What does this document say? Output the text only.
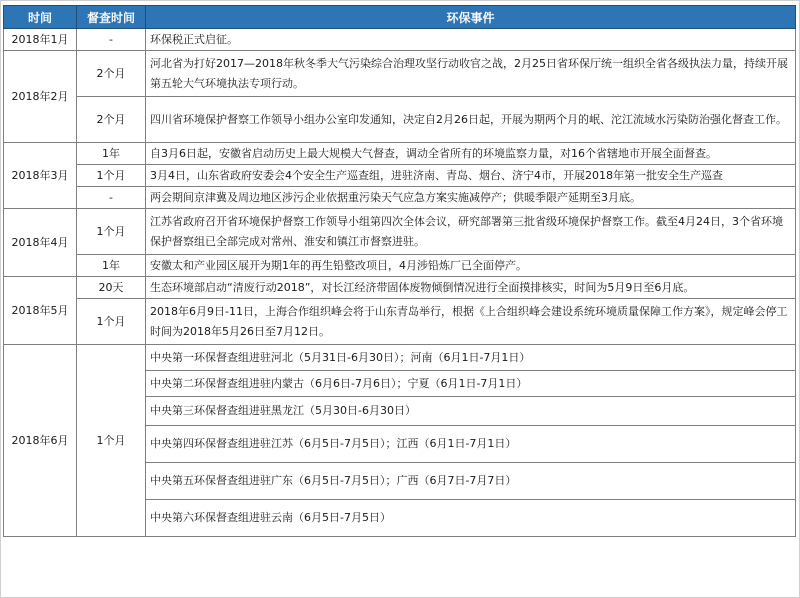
时间	督查时间	环保事件
2018年1月	-	环保税正式启征。
2018年2月	2个月	河北省为打好2017—2018年秋冬季大气污染综合治理攻坚行动收官之战，2月25日省环保厅统一组织全省各级执法力量，持续开展第五轮大气环境执法专项行动。
	2个月	四川省环境保护督察工作领导小组办公室印发通知，决定自2月26日起，开展为期两个月的岷、沱江流域水污染防治强化督查工作。
2018年3月	1年	自3月6日起，安徽省启动历史上最大规模大气督查，调动全省所有的环境监察力量，对16个省辖地市开展全面督查。
	1个月	3月4日，山东省政府安委会4个安全生产巡查组，进驻济南、青岛、烟台、济宁4市，开展2018年第一批安全生产巡查
	-	两会期间京津冀及周边地区涉污企业依据重污染天气应急方案实施减停产；供暖季限产延期至3月底。
2018年4月	1个月	江苏省政府召开省环境保护督察工作领导小组第四次全体会议，研究部署第三批省级环境保护督察工作。截至4月24日，3个省环境保护督察组已全部完成对常州、淮安和镇江市督察进驻。
	1年	安徽太和产业园区展开为期1年的再生铅整改项目，4月涉铅炼厂已全面停产。
2018年5月	20天	生态环境部启动“清废行动2018”，对长江经济带固体废物倾倒情况进行全面摸排核实，时间为5月9日至6月底。
	1个月	2018年6月9日-11日，上海合作组织峰会将于山东青岛举行，根据《上合组织峰会建设系统环境质量保障工作方案》，规定峰会停工时间为2018年5月26日至7月12日。
2018年6月	1个月	中央第一环保督查组进驻河北（5月31日-6月30日）；河南（6月1日-7月1日）
		中央第二环保督查组进驻内蒙古（6月6日-7月6日）；宁夏（6月1日-7月1日）
		中央第三环保督查组进驻黑龙江（5月30日-6月30日）
		中央第四环保督查组进驻江苏（6月5日-7月5日）；江西（6月1日-7月1日）
		中央第五环保督查组进驻广东（6月5日-7月5日）；广西（6月7日-7月7日）
		中央第六环保督查组进驻云南（6月5日-7月5日）
